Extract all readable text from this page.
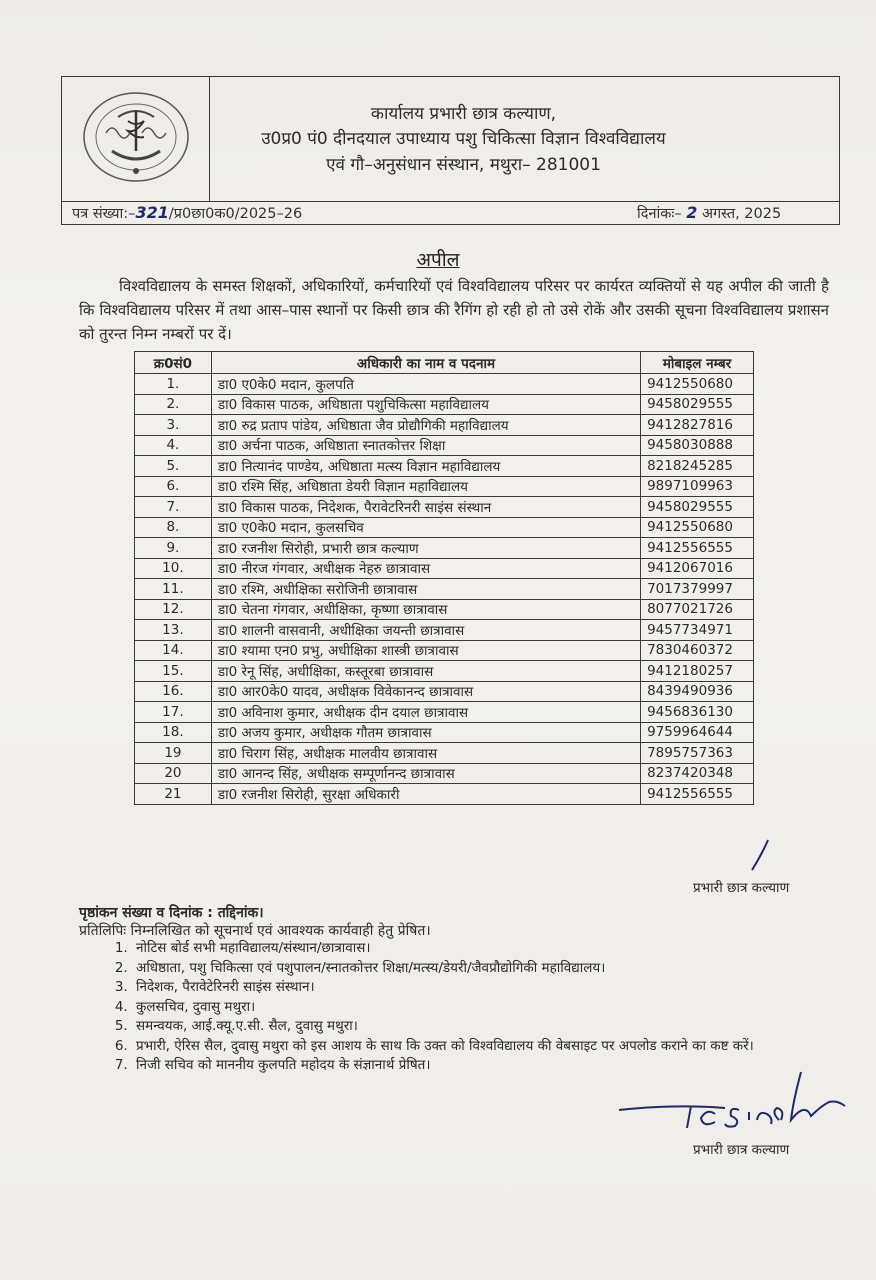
कार्यालय प्रभारी छात्र कल्याण,
उ0प्र0 पं0 दीनदयाल उपाध्याय पशु चिकित्सा विज्ञान विश्वविद्यालय
एवं गौ–अनुसंधान संस्थान, मथुरा– 281001
पत्र संख्या:–321/प्र0छा0क0/2025–26	दिनांकः– 2 अगस्त, 2025
अपील
विश्वविद्यालय के समस्त शिक्षकों, अधिकारियों, कर्मचारियों एवं विश्वविद्यालय परिसर पर कार्यरत व्यक्तियों से यह अपील की जाती है कि विश्वविद्यालय परिसर में तथा आस–पास स्थानों पर किसी छात्र की रैगिंग हो रही हो तो उसे रोकें और उसकी सूचना विश्वविद्यालय प्रशासन को तुरन्त निम्न नम्बरों पर दें।
क्र0सं0	अधिकारी का नाम व पदनाम	मोबाइल नम्बर
1.	डा0 ए0के0 मदान, कुलपति	9412550680
2.	डा0 विकास पाठक, अधिष्ठाता पशुचिकित्सा महाविद्यालय	9458029555
3.	डा0 रुद्र प्रताप पांडेय, अधिष्ठाता जैव प्रोद्यौगिकी महाविद्यालय	9412827816
4.	डा0 अर्चना पाठक, अधिष्ठाता स्नातकोत्तर शिक्षा	9458030888
5.	डा0 नित्यानंद पाण्डेय, अधिष्ठाता मत्स्य विज्ञान महाविद्यालय	8218245285
6.	डा0 रश्मि सिंह, अधिष्ठाता डेयरी विज्ञान महाविद्यालय	9897109963
7.	डा0 विकास पाठक, निदेशक, पैरावेटरिनरी साइंस संस्थान	9458029555
8.	डा0 ए0के0 मदान, कुलसचिव	9412550680
9.	डा0 रजनीश सिरोही, प्रभारी छात्र कल्याण	9412556555
10.	डा0 नीरज गंगवार, अधीक्षक नेहरु छात्रावास	9412067016
11.	डा0 रश्मि, अधीक्षिका सरोजिनी छात्रावास	7017379997
12.	डा0 चेतना गंगवार, अधीक्षिका, कृष्णा छात्रावास	8077021726
13.	डा0 शालनी वासवानी, अधीक्षिका जयन्ती छात्रावास	9457734971
14.	डा0 श्यामा एन0 प्रभु, अधीक्षिका शास्त्री छात्रावास	7830460372
15.	डा0 रेनू सिंह, अधीक्षिका, कस्तूरबा छात्रावास	9412180257
16.	डा0 आर0के0 यादव, अधीक्षक विवेकानन्द छात्रावास	8439490936
17.	डा0 अविनाश कुमार, अधीक्षक दीन दयाल छात्रावास	9456836130
18.	डा0 अजय कुमार, अधीक्षक गौतम छात्रावास	9759964644
19	डा0 चिराग सिंह, अधीक्षक मालवीय छात्रावास	7895757363
20	डा0 आनन्द सिंह, अधीक्षक सम्पूर्णानन्द छात्रावास	8237420348
21	डा0 रजनीश सिरोही, सुरक्षा अधिकारी	9412556555
प्रभारी छात्र कल्याण
पृष्ठांकन संख्या व दिनांक : तद्दिनांक।
प्रतिलिपिः निम्नलिखित को सूचनार्थ एवं आवश्यक कार्यवाही हेतु प्रेषित।
1. नोटिस बोर्ड सभी महाविद्यालय/संस्थान/छात्रावास।
2. अधिष्ठाता, पशु चिकित्सा एवं पशुपालन/स्नातकोत्तर शिक्षा/मत्स्य/डेयरी/जैवप्रौद्योगिकी महाविद्यालय।
3. निदेशक, पैरावेटेरिनरी साइंस संस्थान।
4. कुलसचिव, दुवासु मथुरा।
5. समन्वयक, आई.क्यू.ए.सी. सैल, दुवासु मथुरा।
6. प्रभारी, ऐरिस सैल, दुवासु मथुरा को इस आशय के साथ कि उक्त को विश्वविद्यालय की वेबसाइट पर अपलोड कराने का कष्ट करें।
7. निजी सचिव को माननीय कुलपति महोदय के संज्ञानार्थ प्रेषित।
प्रभारी छात्र कल्याण
